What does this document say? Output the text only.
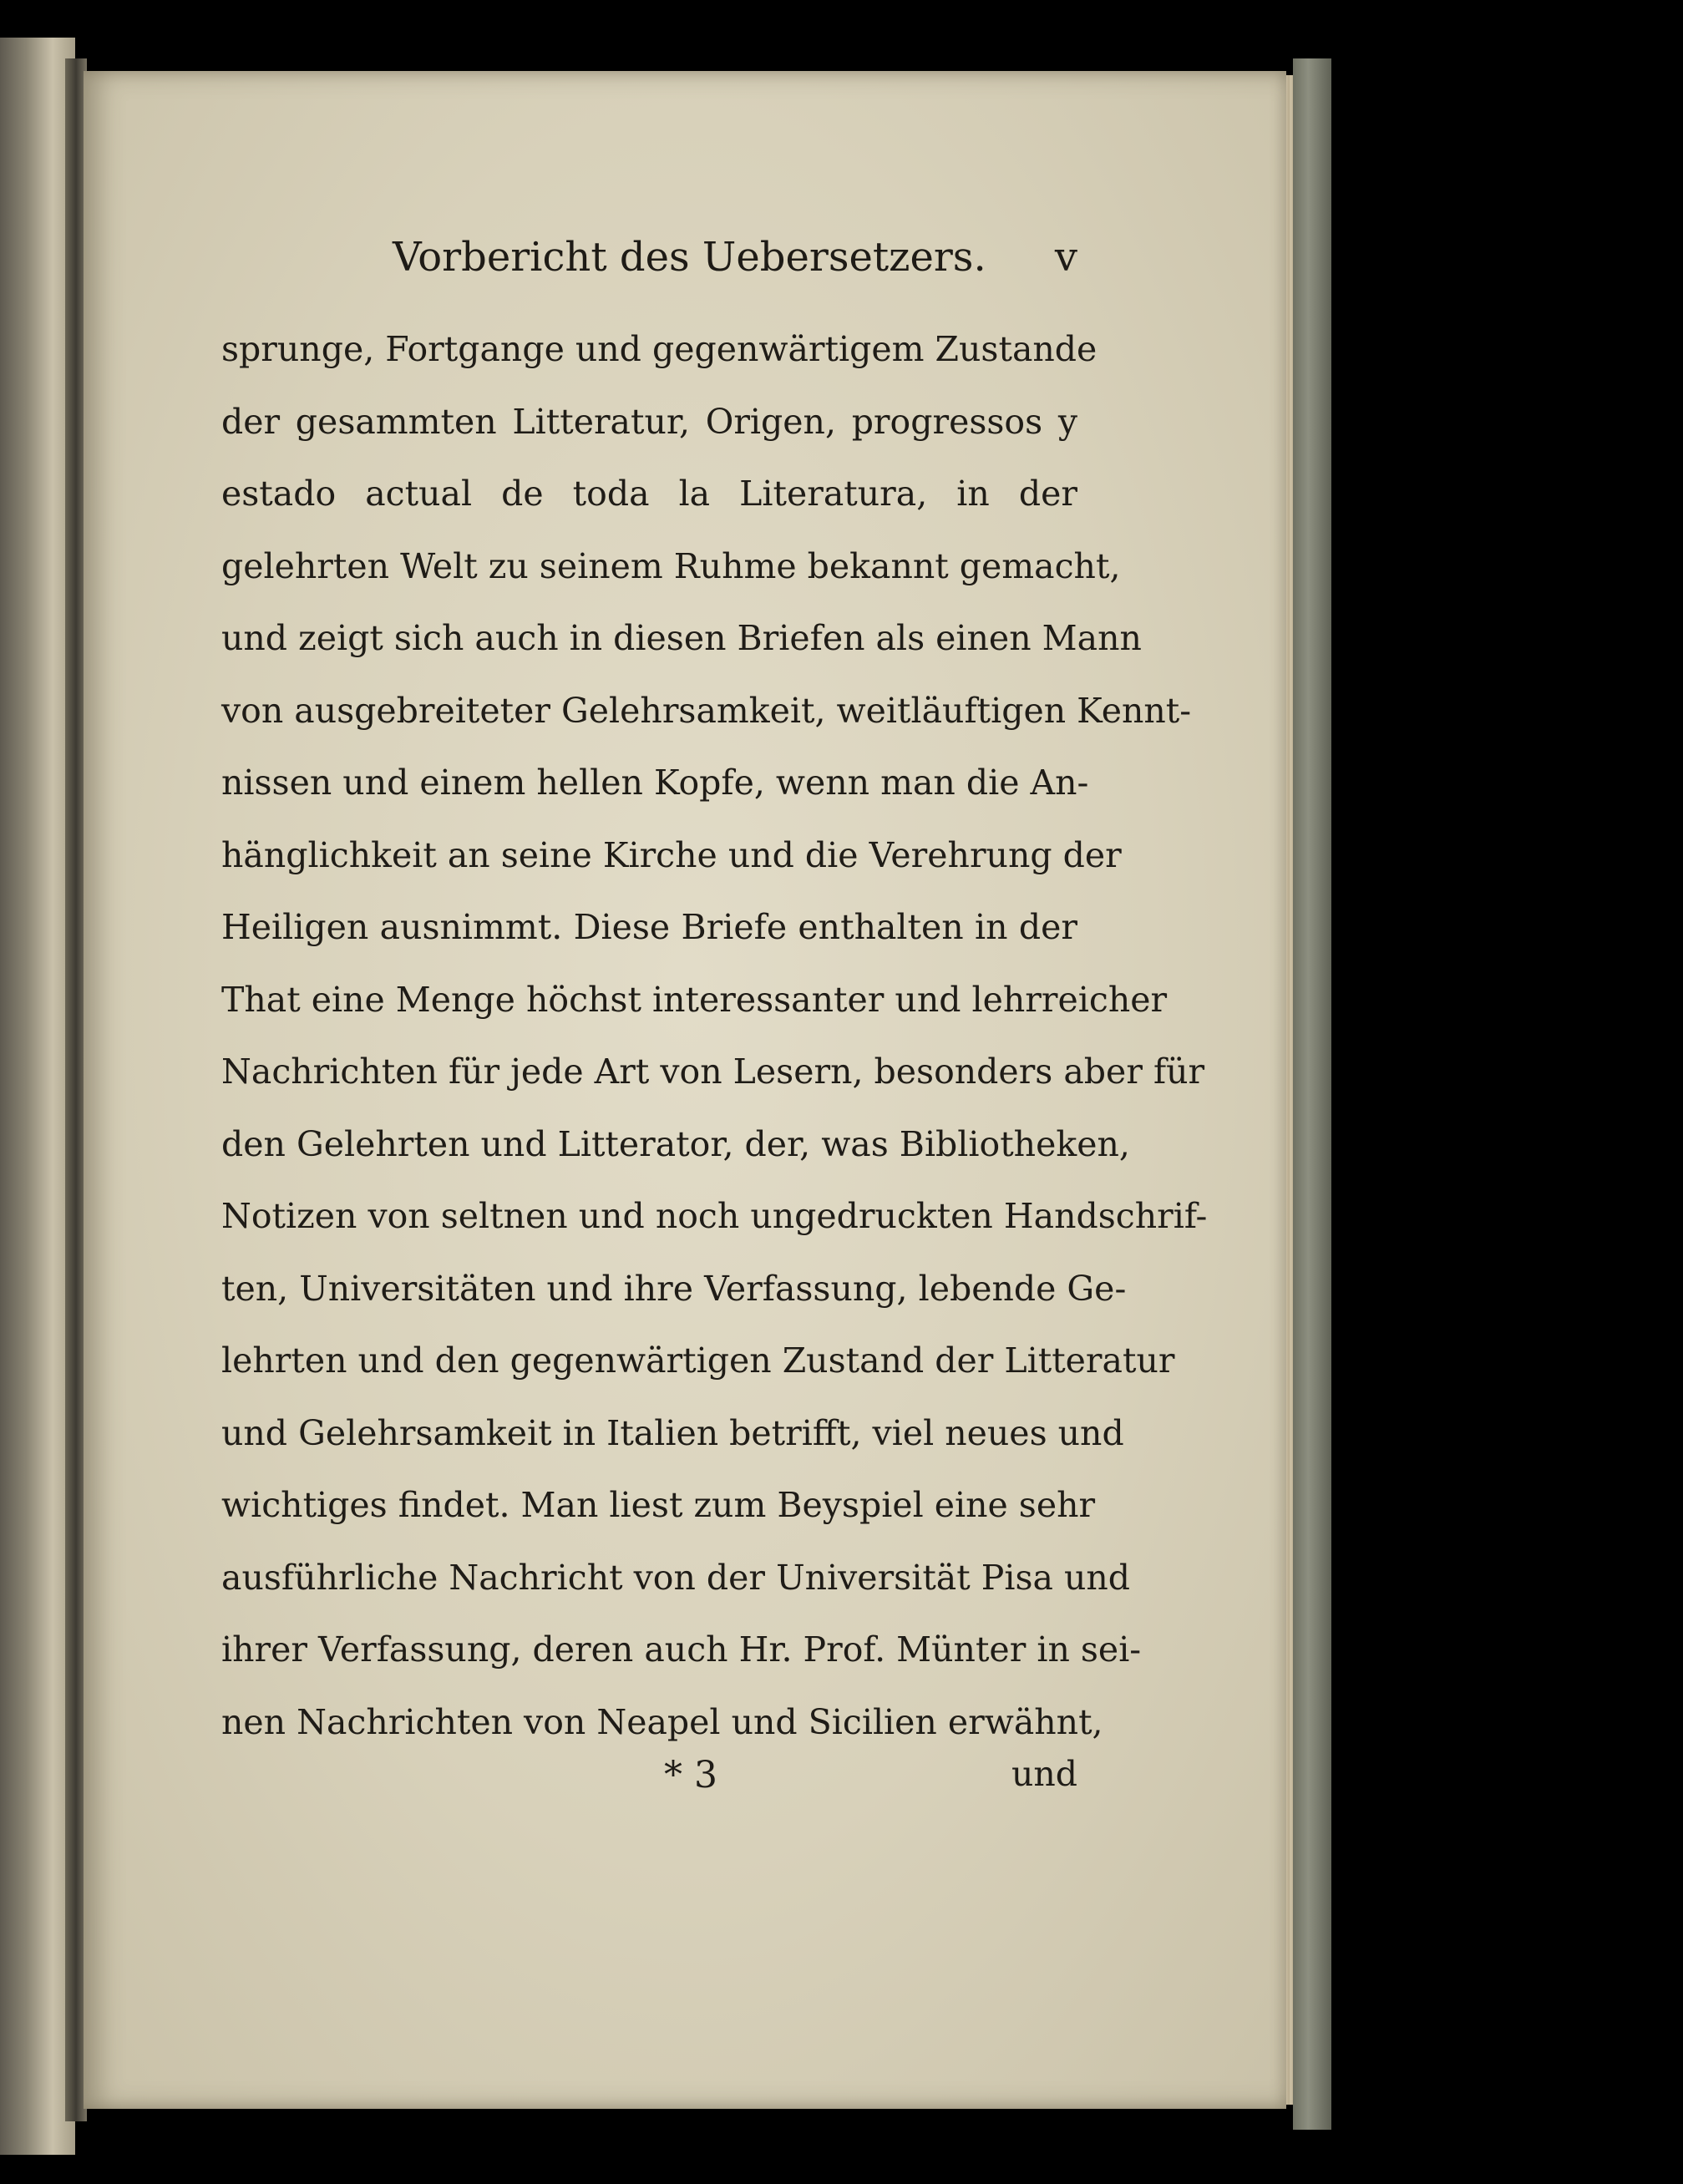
Vorbericht des Uebersetzers. v
sprunge, Fortgange und gegenwärtigem Zustande
der gesammten Litteratur, Origen, progressos y
estado actual de toda la Literatura, in der
gelehrten Welt zu seinem Ruhme bekannt gemacht,
und zeigt sich auch in diesen Briefen als einen Mann
von ausgebreiteter Gelehrsamkeit, weitläuftigen Kennt-
nissen und einem hellen Kopfe, wenn man die An-
hänglichkeit an seine Kirche und die Verehrung der
Heiligen ausnimmt. Diese Briefe enthalten in der
That eine Menge höchst interessanter und lehrreicher
Nachrichten für jede Art von Lesern, besonders aber für
den Gelehrten und Litterator, der, was Bibliotheken,
Notizen von seltnen und noch ungedruckten Handschrif-
ten, Universitäten und ihre Verfassung, lebende Ge-
lehrten und den gegenwärtigen Zustand der Litteratur
und Gelehrsamkeit in Italien betrifft, viel neues und
wichtiges findet. Man liest zum Beyspiel eine sehr
ausführliche Nachricht von der Universität Pisa und
ihrer Verfassung, deren auch Hr. Prof. Münter in sei-
nen Nachrichten von Neapel und Sicilien erwähnt,
* 3	und
